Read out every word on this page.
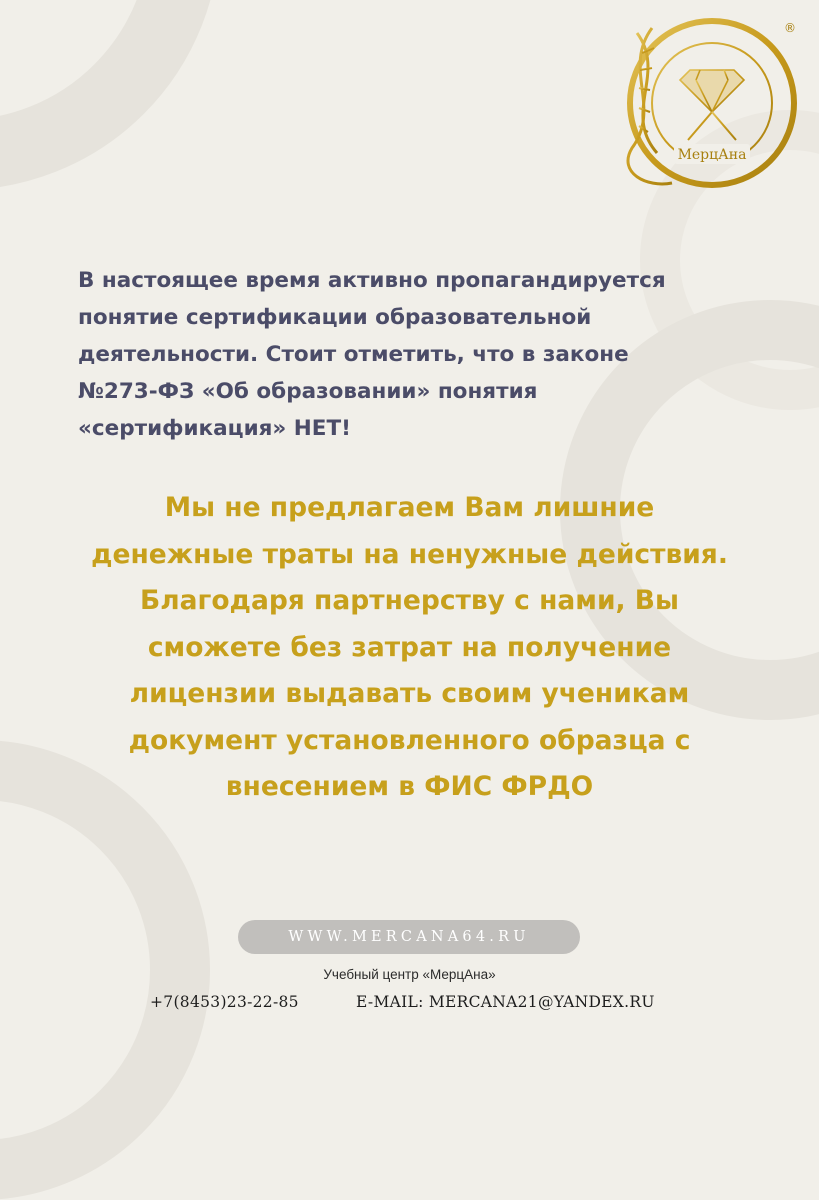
МерцАна
®
В настоящее время активно пропагандируется
понятие сертификации образовательной
деятельности. Стоит отметить, что в законе
№273-ФЗ «Об образовании» понятия
«сертификация» НЕТ!
Мы не предлагаем Вам лишние
денежные траты на ненужные действия.
Благодаря партнерству с нами, Вы
сможете без затрат на получение
лицензии выдавать своим ученикам
документ установленного образца с
внесением в ФИС ФРДО
WWW.MERCANA64.RU
Учебный центр «МерцАна»
+7(8453)23-22-85	E-MAIL: MERCANA21@YANDEX.RU
